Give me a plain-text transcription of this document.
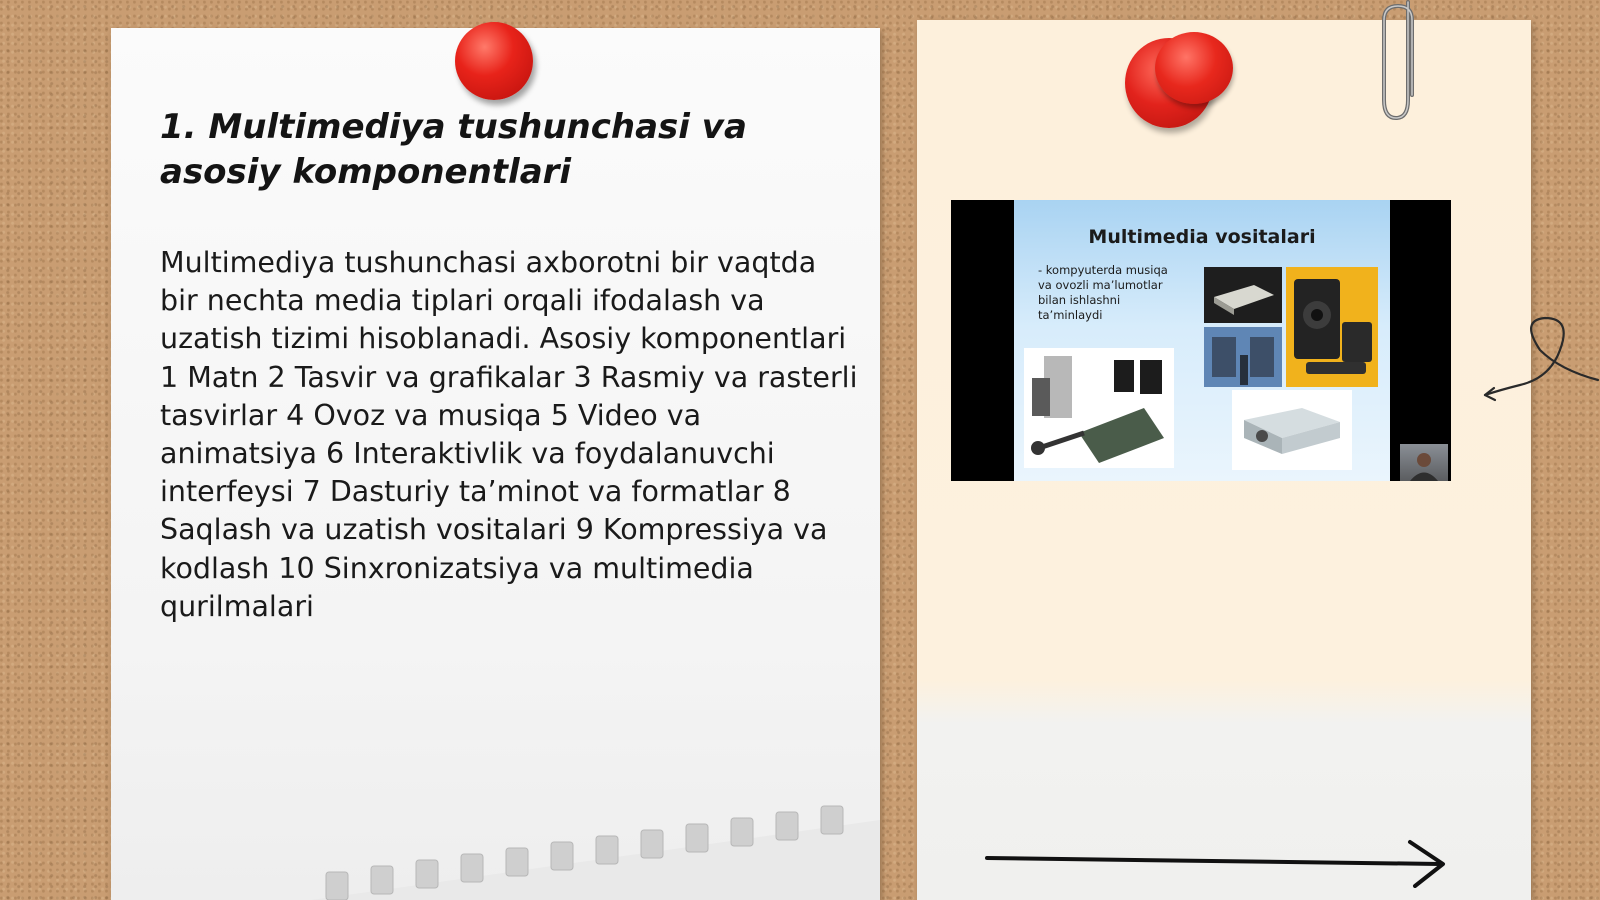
1. Multimediya tushunchasi va asosiy komponentlari

Multimediya tushunchasi axborotni bir vaqtda bir nechta media tiplari orqali ifodalash va uzatish tizimi hisoblanadi. Asosiy komponentlari 1 Matn 2 Tasvir va grafikalar 3 Rasmiy va rasterli tasvirlar 4 Ovoz va musiqa 5 Video va animatsiya 6 Interaktivlik va foydalanuvchi interfeysi 7 Dasturiy ta’minot va formatlar 8 Saqlash va uzatish vositalari 9 Kompressiya va kodlash 10 Sinxronizatsiya va multimedia qurilmalari

Multimedia vositalari
- kompyuterda musiqa
va ovozli ma’lumotlar
bilan ishlashni
ta’minlaydi
